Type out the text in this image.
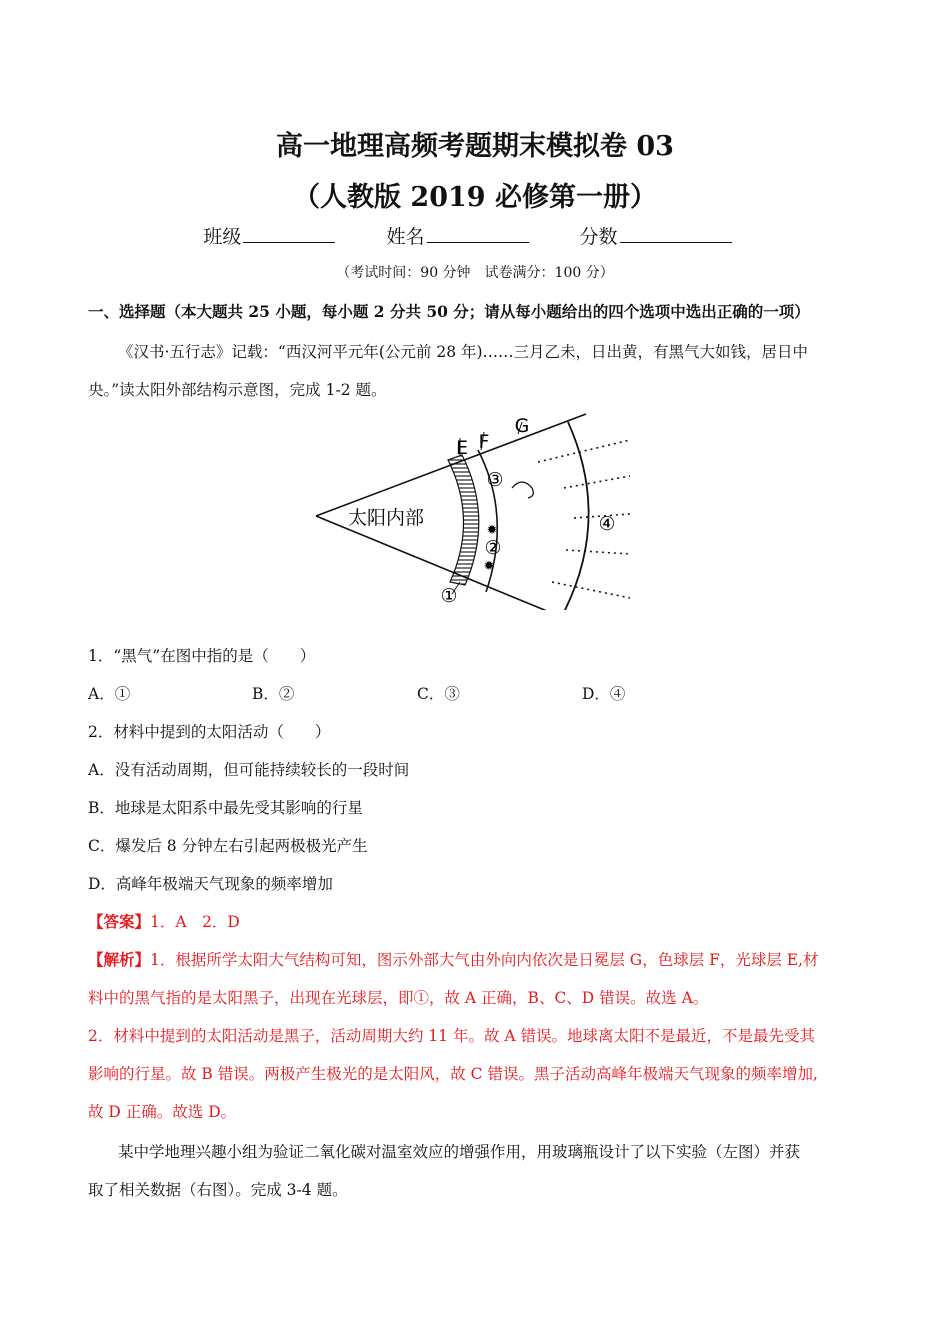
高一地理高频考题期末模拟卷 03
（人教版 2019 必修第一册）
班级	姓名	分数
（考试时间：90 分钟　试卷满分：100 分）
一、选择题（本大题共 25 小题，每小题 2 分共 50 分；请从每小题给出的四个选项中选出正确的一项）
《汉书·五行志》记载：“西汉河平元年(公元前 28 年)……三月乙未，日出黄，有黑气大如钱，居日中
央。”读太阳外部结构示意图，完成 1-2 题。
✹
✹
太阳内部
E F
G
③
②
④
①
1．“黑气”在图中指的是（　　）
A．①	B．②	C．③	D．④
2．材料中提到的太阳活动（　　）
A．没有活动周期，但可能持续较长的一段时间
B．地球是太阳系中最先受其影响的行星
C．爆发后 8 分钟左右引起两极极光产生
D．高峰年极端天气现象的频率增加
【答案】1．A　2．D
【解析】1．根据所学太阳大气结构可知，图示外部大气由外向内依次是日冕层 G，色球层 F，光球层 E,材
料中的黑气指的是太阳黑子，出现在光球层，即①，故 A 正确，B、C、D 错误。故选 A。
2．材料中提到的太阳活动是黑子，活动周期大约 11 年。故 A 错误。地球离太阳不是最近，不是最先受其
影响的行星。故 B 错误。两极产生极光的是太阳风，故 C 错误。黑子活动高峰年极端天气现象的频率增加,
故 D 正确。故选 D。
某中学地理兴趣小组为验证二氧化碳对温室效应的增强作用，用玻璃瓶设计了以下实验（左图）并获
取了相关数据（右图）。完成 3-4 题。
